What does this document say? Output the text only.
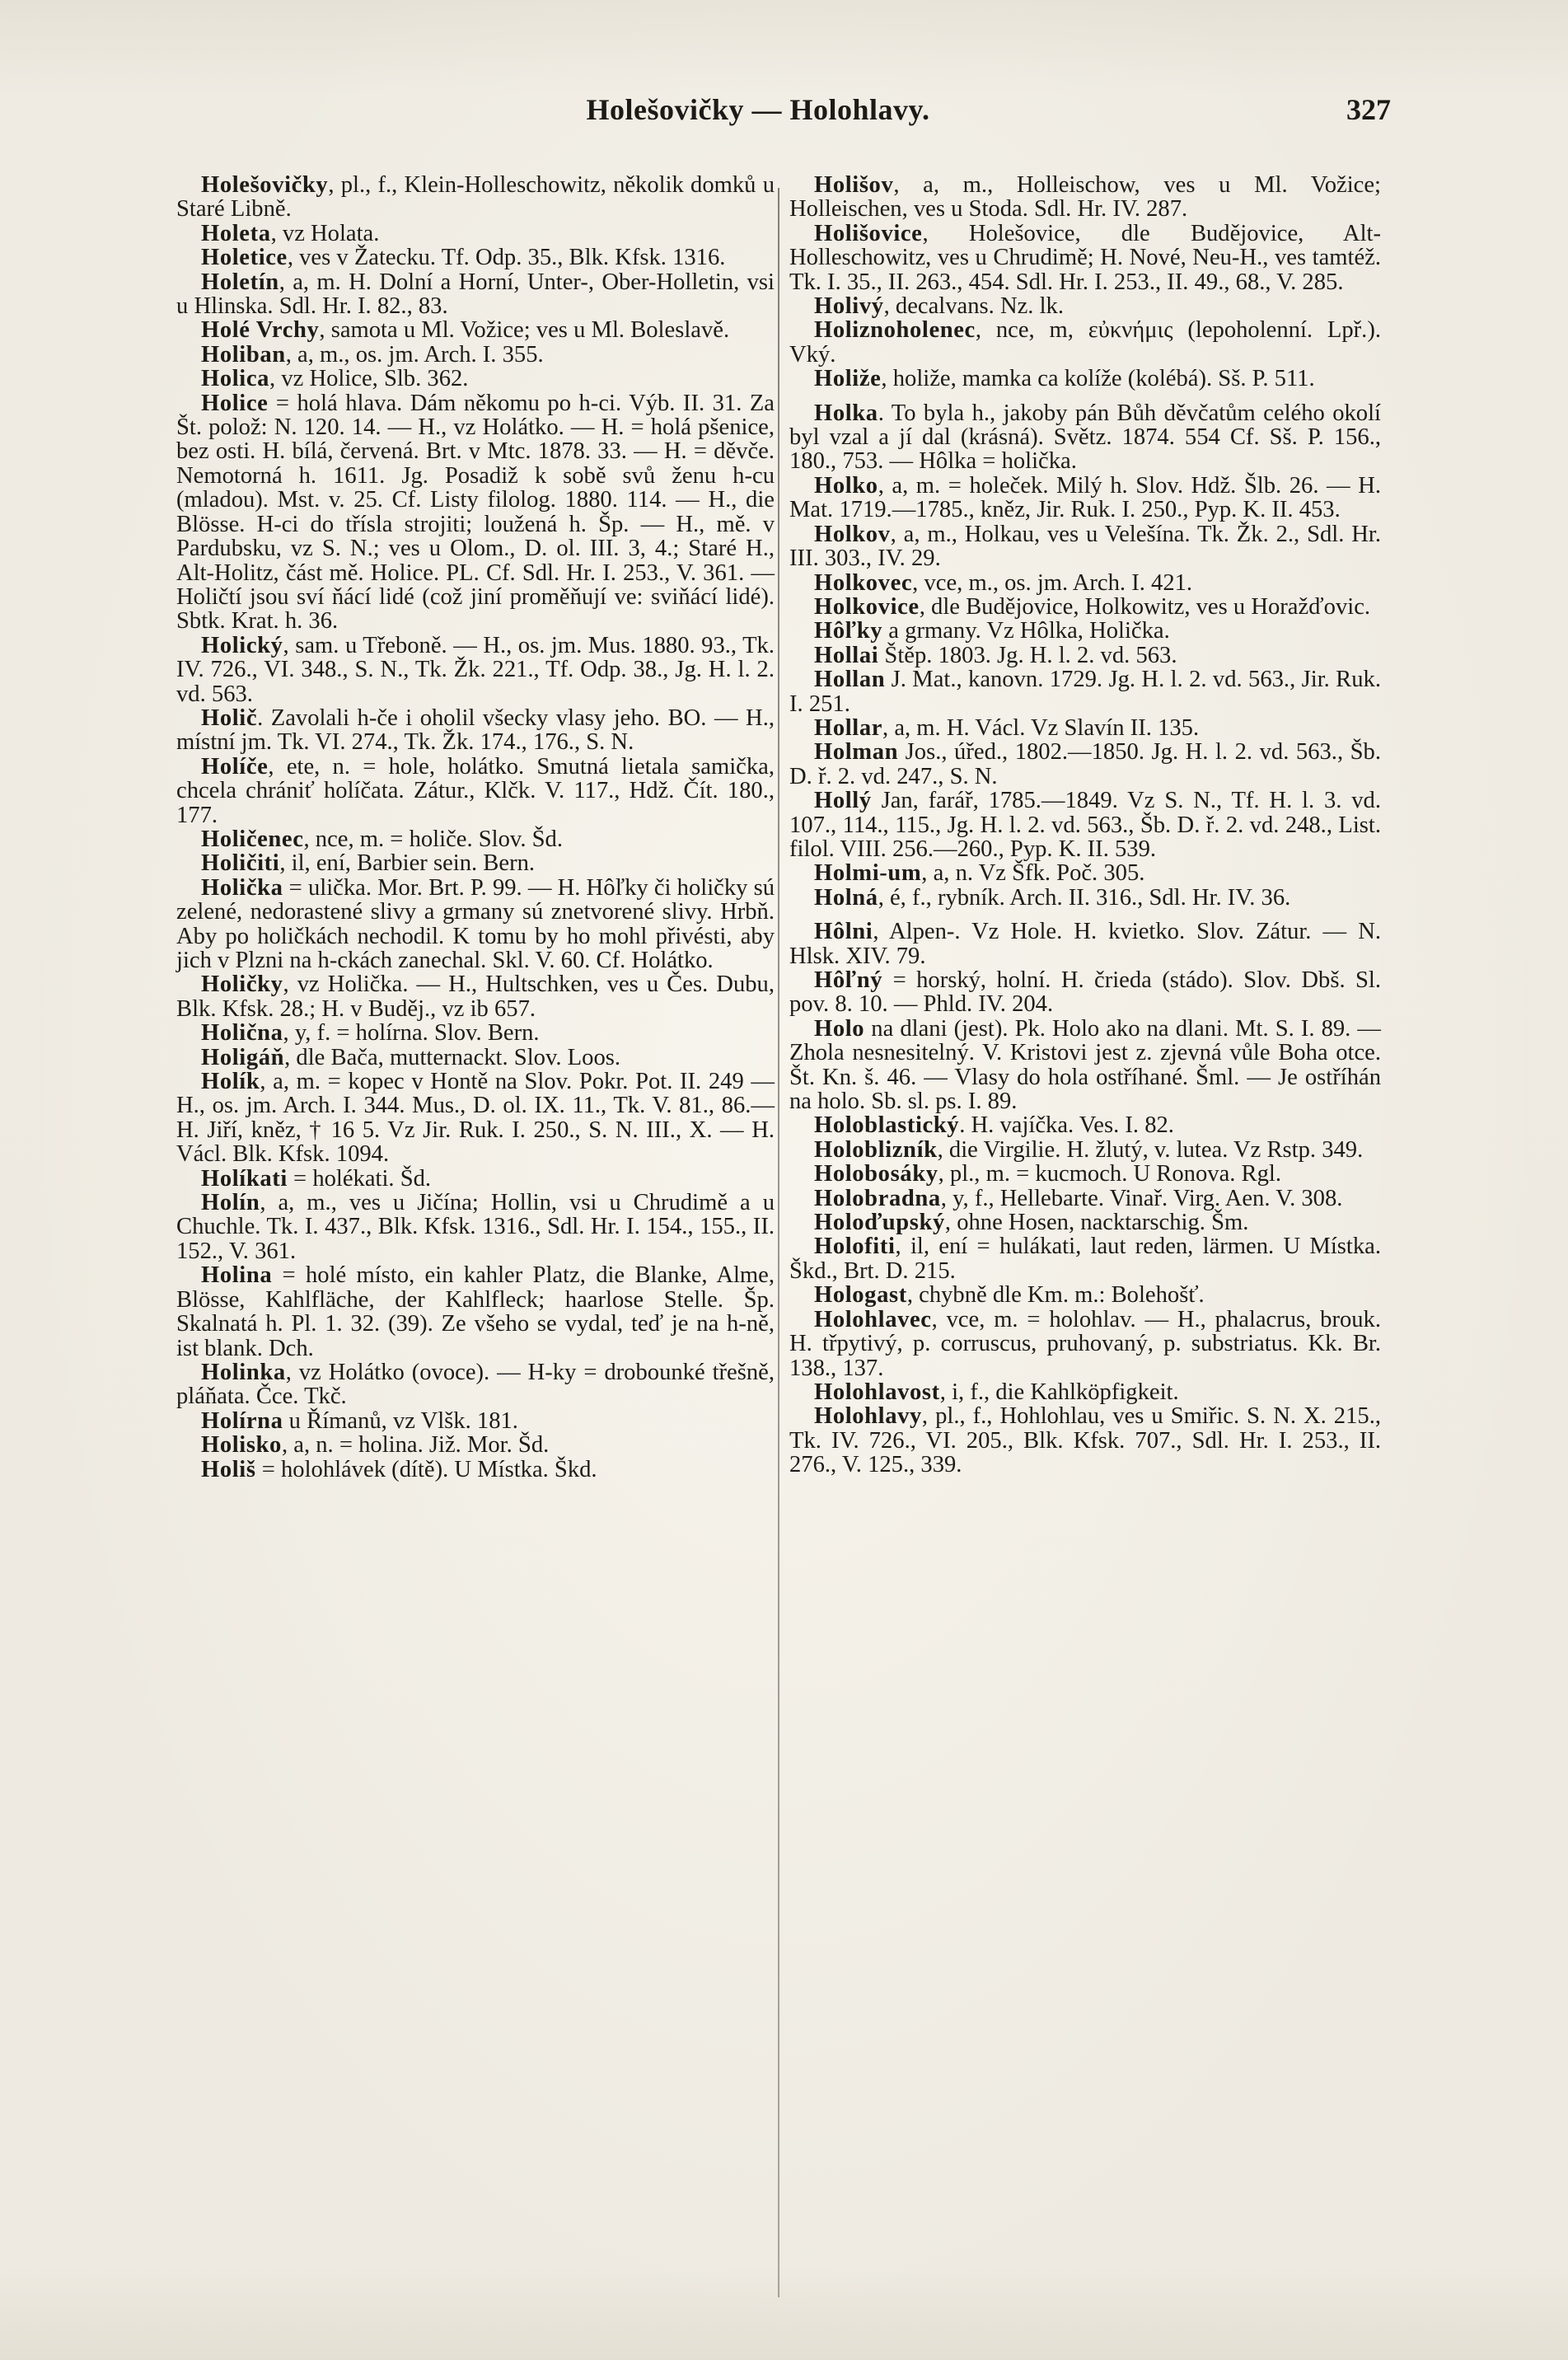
Holešovičky — Holohlavy.	327

Holešovičky, pl., f., Klein-Holleschowitz, několik domků u Staré Libně.

Holeta, vz Holata.

Holetice, ves v Žatecku. Tf. Odp. 35., Blk. Kfsk. 1316.

Holetín, a, m. H. Dolní a Horní, Unter-, Ober-Holletin, vsi u Hlinska. Sdl. Hr. I. 82., 83.

Holé Vrchy, samota u Ml. Vožice; ves u Ml. Boleslavě.

Holiban, a, m., os. jm. Arch. I. 355.

Holica, vz Holice, Slb. 362.

Holice = holá hlava. Dám někomu po h-ci. Výb. II. 31. Za Št. polož: N. 120. 14. — H., vz Holátko. — H. = holá pšenice, bez osti. H. bílá, červená. Brt. v Mtc. 1878. 33. — H. = děvče. Nemotorná h. 1611. Jg. Posadiž k sobě svů ženu h-cu (mladou). Mst. v. 25. Cf. Listy filolog. 1880. 114. — H., die Blösse. H-ci do třísla strojiti; loužená h. Šp. — H., mě. v Pardubsku, vz S. N.; ves u Olom., D. ol. III. 3, 4.; Staré H., Alt-Holitz, část mě. Holice. PL. Cf. Sdl. Hr. I. 253., V. 361. — Holičtí jsou sví ňácí lidé (což jiní proměňují ve: sviňácí lidé). Sbtk. Krat. h. 36.

Holický, sam. u Třeboně. — H., os. jm. Mus. 1880. 93., Tk. IV. 726., VI. 348., S. N., Tk. Žk. 221., Tf. Odp. 38., Jg. H. l. 2. vd. 563.

Holič. Zavolali h-če i oholil všecky vlasy jeho. BO. — H., místní jm. Tk. VI. 274., Tk. Žk. 174., 176., S. N.

Holíče, ete, n. = hole, holátko. Smutná lietala samička, chcela chrániť holíčata. Zátur., Klčk. V. 117., Hdž. Čít. 180., 177.

Holičenec, nce, m. = holiče. Slov. Šd.

Holičiti, il, ení, Barbier sein. Bern.

Holička = ulička. Mor. Brt. P. 99. — H. Hôľky či holičky sú zelené, nedorastené slivy a grmany sú znetvorené slivy. Hrbň. Aby po holičkách nechodil. K tomu by ho mohl přivésti, aby jich v Plzni na h-ckách zanechal. Skl. V. 60. Cf. Holátko.

Holičky, vz Holička. — H., Hultschken, ves u Čes. Dubu, Blk. Kfsk. 28.; H. v Buděj., vz ib 657.

Holična, y, f. = holírna. Slov. Bern.

Holigáň, dle Bača, mutternackt. Slov. Loos.

Holík, a, m. = kopec v Hontě na Slov. Pokr. Pot. II. 249 — H., os. jm. Arch. I. 344. Mus., D. ol. IX. 11., Tk. V. 81., 86.— H. Jiří, kněz, † 16 5. Vz Jir. Ruk. I. 250., S. N. III., X. — H. Václ. Blk. Kfsk. 1094.

Holíkati = holékati. Šd.

Holín, a, m., ves u Jičína; Hollin, vsi u Chrudimě a u Chuchle. Tk. I. 437., Blk. Kfsk. 1316., Sdl. Hr. I. 154., 155., II. 152., V. 361.

Holina = holé místo, ein kahler Platz, die Blanke, Alme, Blösse, Kahlfläche, der Kahlfleck; haarlose Stelle. Šp. Skalnatá h. Pl. 1. 32. (39). Ze všeho se vydal, teď je na h-ně, ist blank. Dch.

Holinka, vz Holátko (ovoce). — H-ky = drobounké třešně, pláňata. Čce. Tkč.

Holírna u Římanů, vz Vlšk. 181.

Holisko, a, n. = holina. Již. Mor. Šd.

Holiš = holohlávek (dítě). U Místka. Škd.

Holišov, a, m., Holleischow, ves u Ml. Vožice; Holleischen, ves u Stoda. Sdl. Hr. IV. 287.

Holišovice, Holešovice, dle Budějovice, Alt-Holleschowitz, ves u Chrudimě; H. Nové, Neu-H., ves tamtéž. Tk. I. 35., II. 263., 454. Sdl. Hr. I. 253., II. 49., 68., V. 285.

Holivý, decalvans. Nz. lk.

Holiznoholenec, nce, m, εὐκνήμις (lepoholenní. Lpř.). Vký.

Holiže, holiže, mamka ca kolíže (kolébá). Sš. P. 511.

Holka. To byla h., jakoby pán Bůh děvčatům celého okolí byl vzal a jí dal (krásná). Světz. 1874. 554 Cf. Sš. P. 156., 180., 753. — Hôlka = holička.

Holko, a, m. = holeček. Milý h. Slov. Hdž. Šlb. 26. — H. Mat. 1719.—1785., kněz, Jir. Ruk. I. 250., Pyp. K. II. 453.

Holkov, a, m., Holkau, ves u Velešína. Tk. Žk. 2., Sdl. Hr. III. 303., IV. 29.

Holkovec, vce, m., os. jm. Arch. I. 421.

Holkovice, dle Budějovice, Holkowitz, ves u Horažďovic.

Hôľky a grmany. Vz Hôlka, Holička.

Hollai Štěp. 1803. Jg. H. l. 2. vd. 563.

Hollan J. Mat., kanovn. 1729. Jg. H. l. 2. vd. 563., Jir. Ruk. I. 251.

Hollar, a, m. H. Václ. Vz Slavín II. 135.

Holman Jos., úřed., 1802.—1850. Jg. H. l. 2. vd. 563., Šb. D. ř. 2. vd. 247., S. N.

Hollý Jan, farář, 1785.—1849. Vz S. N., Tf. H. l. 3. vd. 107., 114., 115., Jg. H. l. 2. vd. 563., Šb. D. ř. 2. vd. 248., List. filol. VIII. 256.—260., Pyp. K. II. 539.

Holmi-um, a, n. Vz Šfk. Poč. 305.

Holná, é, f., rybník. Arch. II. 316., Sdl. Hr. IV. 36.

Hôlni, Alpen-. Vz Hole. H. kvietko. Slov. Zátur. — N. Hlsk. XIV. 79.

Hôľný = horský, holní. H. črieda (stádo). Slov. Dbš. Sl. pov. 8. 10. — Phld. IV. 204.

Holo na dlani (jest). Pk. Holo ako na dlani. Mt. S. I. 89. — Zhola nesnesitelný. V. Kristovi jest z. zjevná vůle Boha otce. Št. Kn. š. 46. — Vlasy do hola ostříhané. Šml. — Je ostříhán na holo. Sb. sl. ps. I. 89.

Holoblastický. H. vajíčka. Ves. I. 82.

Holoblizník, die Virgilie. H. žlutý, v. lutea. Vz Rstp. 349.

Holobosáky, pl., m. = kucmoch. U Ronova. Rgl.

Holobradna, y, f., Hellebarte. Vinař. Virg. Aen. V. 308.

Holoďupský, ohne Hosen, nacktarschig. Šm.

Holofiti, il, ení = hulákati, laut reden, lärmen. U Místka. Škd., Brt. D. 215.

Hologast, chybně dle Km. m.: Bolehošť.

Holohlavec, vce, m. = holohlav. — H., phalacrus, brouk. H. třpytivý, p. corruscus, pruhovaný, p. substriatus. Kk. Br. 138., 137.

Holohlavost, i, f., die Kahlköpfigkeit.

Holohlavy, pl., f., Hohlohlau, ves u Smiřic. S. N. X. 215., Tk. IV. 726., VI. 205., Blk. Kfsk. 707., Sdl. Hr. I. 253., II. 276., V. 125., 339.
